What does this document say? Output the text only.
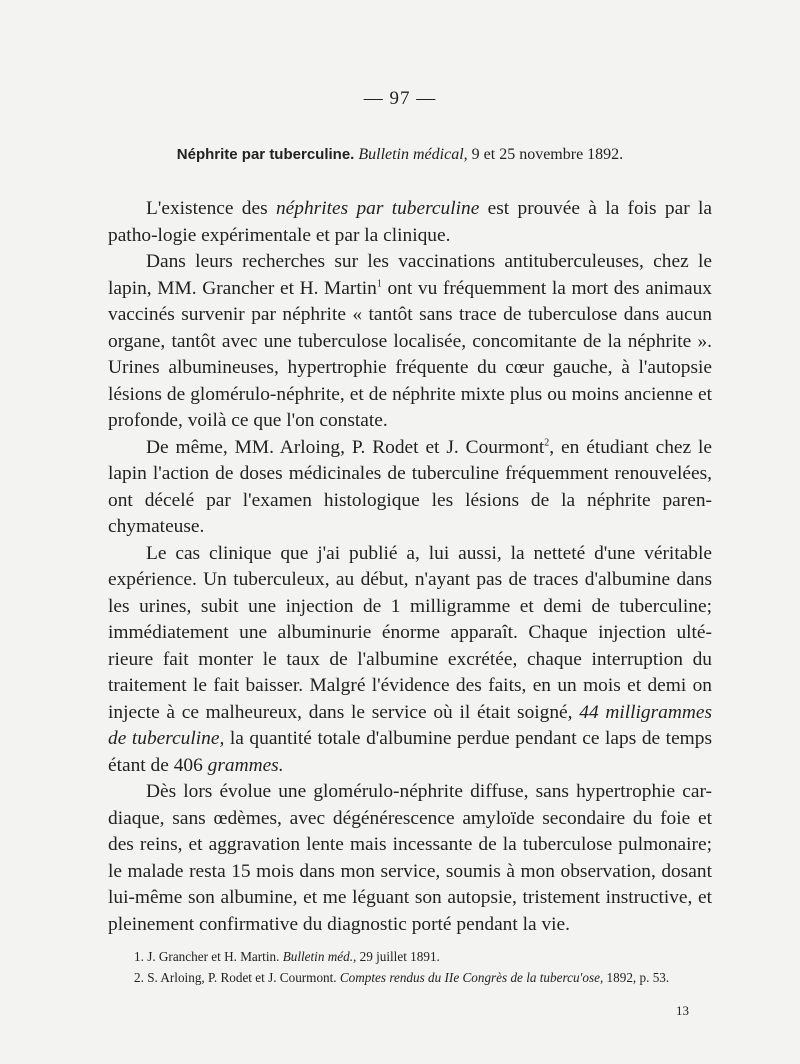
— 97 —
Néphrite par tuberculine. Bulletin médical, 9 et 25 novembre 1892.

L'existence des néphrites par tuberculine est prouvée à la fois par la patho-logie expérimentale et par la clinique.

Dans leurs recherches sur les vaccinations antituberculeuses, chez le lapin, MM. Grancher et H. Martin$^1$ ont vu fréquemment la mort des animaux vaccinés survenir par néphrite « tantôt sans trace de tuberculose dans aucun organe, tantôt avec une tuberculose localisée, concomitante de la néphrite ». Urines albumineuses, hypertrophie fréquente du cœur gauche, à l'autopsie lésions de glomérulo-néphrite, et de néphrite mixte plus ou moins ancienne et profonde, voilà ce que l'on constate.

De même, MM. Arloing, P. Rodet et J. Courmont$^2$, en étudiant chez le lapin l'action de doses médicinales de tuberculine fréquemment renouvelées, ont décelé par l'examen histologique les lésions de la néphrite paren-chymateuse.

Le cas clinique que j'ai publié a, lui aussi, la netteté d'une véritable expérience. Un tuberculeux, au début, n'ayant pas de traces d'albumine dans les urines, subit une injection de 1 milligramme et demi de tuberculine; immédiatement une albuminurie énorme apparaît. Chaque injection ulté-rieure fait monter le taux de l'albumine excrétée, chaque interruption du traitement le fait baisser. Malgré l'évidence des faits, en un mois et demi on injecte à ce malheureux, dans le service où il était soigné, 44 milligrammes de tuberculine, la quantité totale d'albumine perdue pendant ce laps de temps étant de 406 grammes.

Dès lors évolue une glomérulo-néphrite diffuse, sans hypertrophie car-diaque, sans œdèmes, avec dégénérescence amyloïde secondaire du foie et des reins, et aggravation lente mais incessante de la tuberculose pulmonaire; le malade resta 15 mois dans mon service, soumis à mon observation, dosant lui-même son albumine, et me léguant son autopsie, tristement instructive, et pleinement confirmative du diagnostic porté pendant la vie.

1. J. Grancher et H. Martin. Bulletin méd., 29 juillet 1891.

2. S. Arloing, P. Rodet et J. Courmont. Comptes rendus du IIe Congrès de la tubercu'ose, 1892, p. 53.

13
